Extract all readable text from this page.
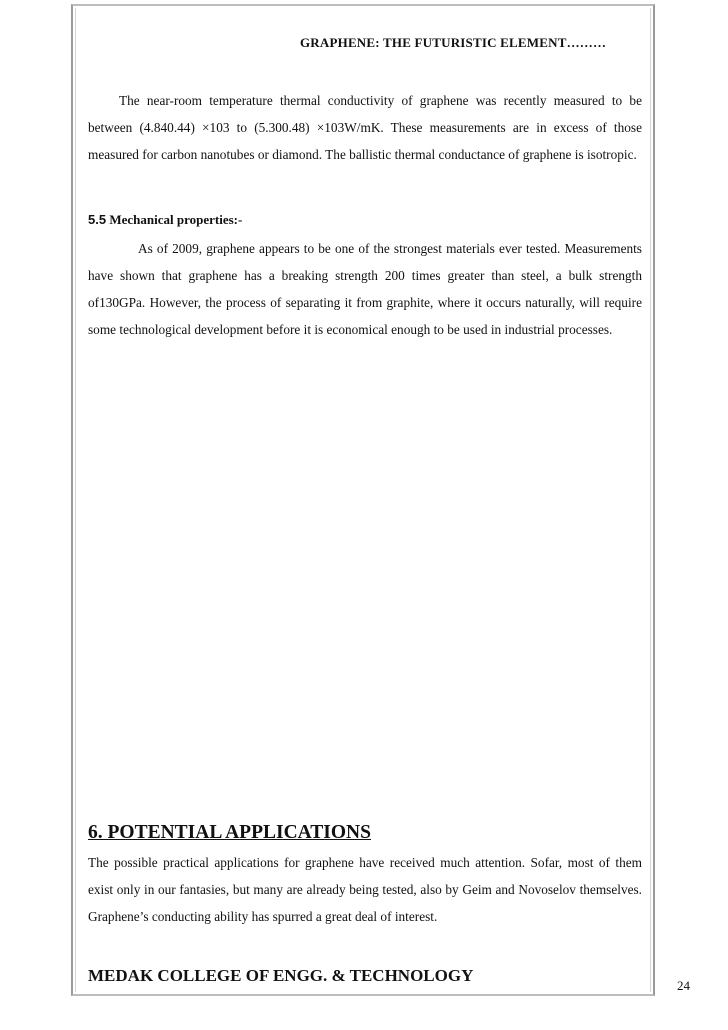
GRAPHENE: THE FUTURISTIC ELEMENT………

The near-room temperature thermal conductivity of graphene was recently measured to be between (4.840.44) ×103 to (5.300.48) ×103W/mK. These measurements are in excess of those measured for carbon nanotubes or diamond. The ballistic thermal conductance of graphene is isotropic.

5.5 Mechanical properties:-

As of 2009, graphene appears to be one of the strongest materials ever tested. Measurements have shown that graphene has a breaking strength 200 times greater than steel, a bulk strength of130GPa. However, the process of separating it from graphite, where it occurs naturally, will require some technological development before it is economical enough to be used in industrial processes.

6. POTENTIAL APPLICATIONS

The possible practical applications for graphene have received much attention. Sofar, most of them exist only in our fantasies, but many are already being tested, also by Geim and Novoselov themselves. Graphene’s conducting ability has spurred a great deal of interest.

MEDAK COLLEGE OF ENGG. & TECHNOLOGY
24
